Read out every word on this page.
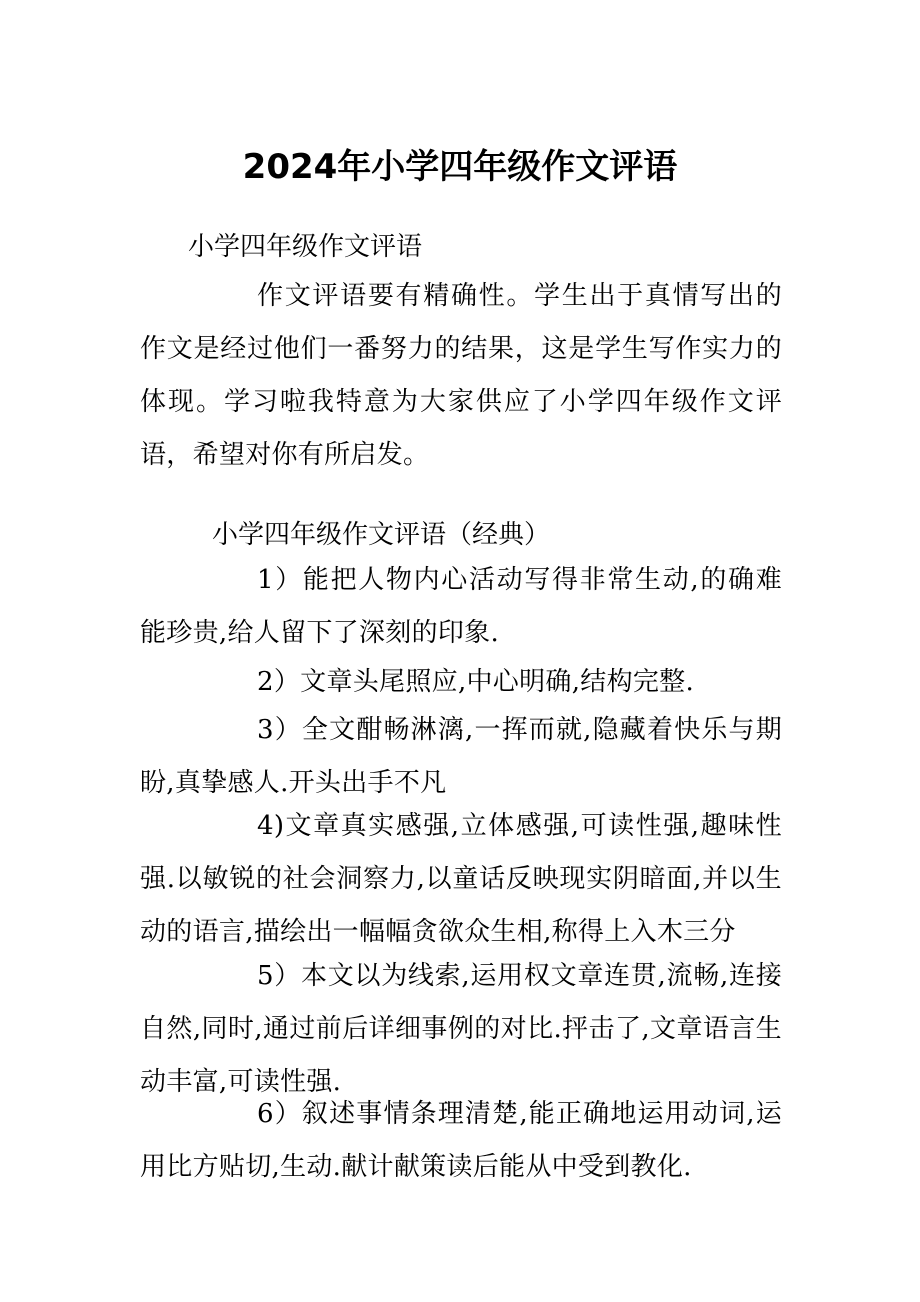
2024年小学四年级作文评语
小学四年级作文评语
作文评语要有精确性。学生出于真情写出的作文是经过他们一番努力的结果，这是学生写作实力的体现。学习啦我特意为大家供应了小学四年级作文评语，希望对你有所启发。
小学四年级作文评语（经典）
1）能把人物内心活动写得非常生动,的确难能珍贵,给人留下了深刻的印象.
2）文章头尾照应,中心明确,结构完整.
3）全文酣畅淋漓,一挥而就,隐藏着快乐与期盼,真挚感人.开头出手不凡
4)文章真实感强,立体感强,可读性强,趣味性强.以敏锐的社会洞察力,以童话反映现实阴暗面,并以生动的语言,描绘出一幅幅贪欲众生相,称得上入木三分
5）本文以为线索,运用权文章连贯,流畅,连接自然,同时,通过前后详细事例的对比.抨击了,文章语言生动丰富,可读性强.
6）叙述事情条理清楚,能正确地运用动词,运用比方贴切,生动.献计献策读后能从中受到教化.
